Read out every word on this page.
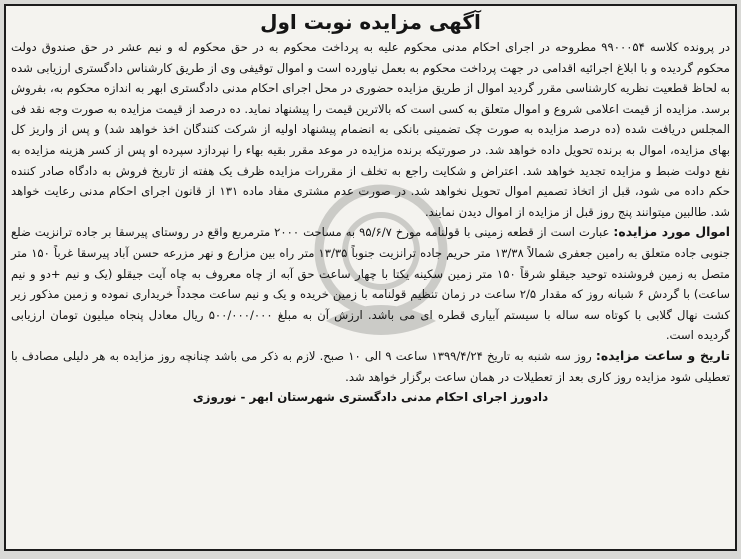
آگهی مزایده نوبت اول

در پرونده کلاسه ۹۹۰۰۰۵۴ مطروحه در اجرای احکام مدنی محکوم علیه به پرداخت محکوم به در حق محکوم له و نیم عشر در حق صندوق دولت محکوم گردیده و با ابلاغ اجرائیه اقدامی در جهت پرداخت محکوم به بعمل نیاورده است و اموال توقیفی وی از طریق کارشناس دادگستری ارزیابی شده به لحاظ قطعیت نظریه کارشناسی مقرر گردید اموال از طریق مزایده حضوری در محل اجرای احکام مدنی دادگستری ابهر به اندازه محکوم به، بفروش برسد. مزایده از قیمت اعلامی شروع و اموال متعلق به کسی است که بالاترین قیمت را پیشنهاد نماید. ده درصد از قیمت مزایده به صورت وجه نقد فی المجلس دریافت شده (ده درصد مزایده به صورت چک تضمینی بانکی به انضمام پیشنهاد اولیه از شرکت کنندگان اخذ خواهد شد) و پس از واریز کل بهای مزایده، اموال به برنده تحویل داده خواهد شد. در صورتیکه برنده مزایده در موعد مقرر بقیه بهاء را نپردازد سپرده او پس از کسر هزینه مزایده به نفع دولت ضبط و مزایده تجدید خواهد شد. اعتراض و شکایت راجع به تخلف از مقررات مزایده ظرف یک هفته از تاریخ فروش به دادگاه صادر کننده حکم داده می شود، قبل از اتخاذ تصمیم اموال تحویل نخواهد شد. در صورت عدم مشتری مفاد ماده ۱۳۱ از قانون اجرای احکام مدنی رعایت خواهد شد. طالبین میتوانند پنج روز قبل از مزایده از اموال دیدن نمایند.

اموال مورد مزایده: عبارت است از قطعه زمینی با قولنامه مورخ ۹۵/۶/۷ به مساحت ۲۰۰۰ مترمربع واقع در روستای پیرسقا بر جاده ترانزیت ضلع جنوبی جاده متعلق به رامین جعفری شمالاً ۱۳/۳۸ متر حریم جاده ترانزیت جنوباً ۱۳/۳۵ متر راه بین مزارع و نهر مزرعه حسن آباد پیرسقا غرباً ۱۵۰ متر متصل به زمین فروشنده توحید جیقلو شرقاً ۱۵۰ متر زمین سکینه یکتا با چهار ساعت حق آبه از چاه معروف به چاه آیت جیقلو (یک و نیم +دو و نیم ساعت) با گردش ۶ شبانه روز که مقدار ۲/۵ ساعت در زمان تنظیم قولنامه با زمین خریده و یک و نیم ساعت مجدداً خریداری نموده و زمین مذکور زیر کشت نهال گلابی با کوتاه سه ساله با سیستم آبیاری قطره ای می باشد. ارزش آن به مبلغ ۵۰۰/۰۰۰/۰۰۰ ریال معادل پنجاه میلیون تومان ارزیابی گردیده است.

تاریخ و ساعت مزایده: روز سه شنبه به تاریخ ۱۳۹۹/۴/۲۴ ساعت ۹ الی ۱۰ صبح. لازم به ذکر می باشد چنانچه روز مزایده به هر دلیلی مصادف با تعطیلی شود مزایده روز کاری بعد از تعطیلات در همان ساعت برگزار خواهد شد.

دادورز اجرای احکام مدنی دادگستری شهرستان ابهر - نوروزی
